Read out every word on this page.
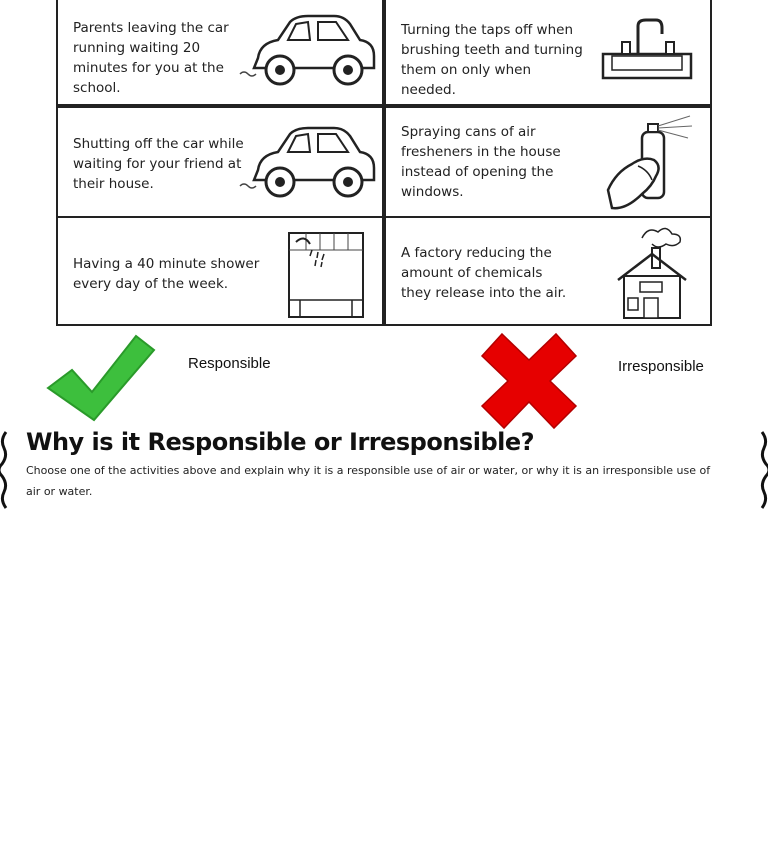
Parents leaving the car running waiting 20 minutes for you at the school.
Turning the taps off when brushing teeth and turning them on only when needed.
Shutting off the car while waiting for your friend at their house.
Spraying cans of air fresheners in the house instead of opening the windows.
Having a 40 minute shower every day of the week.
A factory reducing the amount of chemicals they release into the air.
Responsible	Irresponsible
Why is it Responsible or Irresponsible?
Choose one of the activities above and explain why it is a responsible use of air or water, or why it is an irresponsible use of air or water.
